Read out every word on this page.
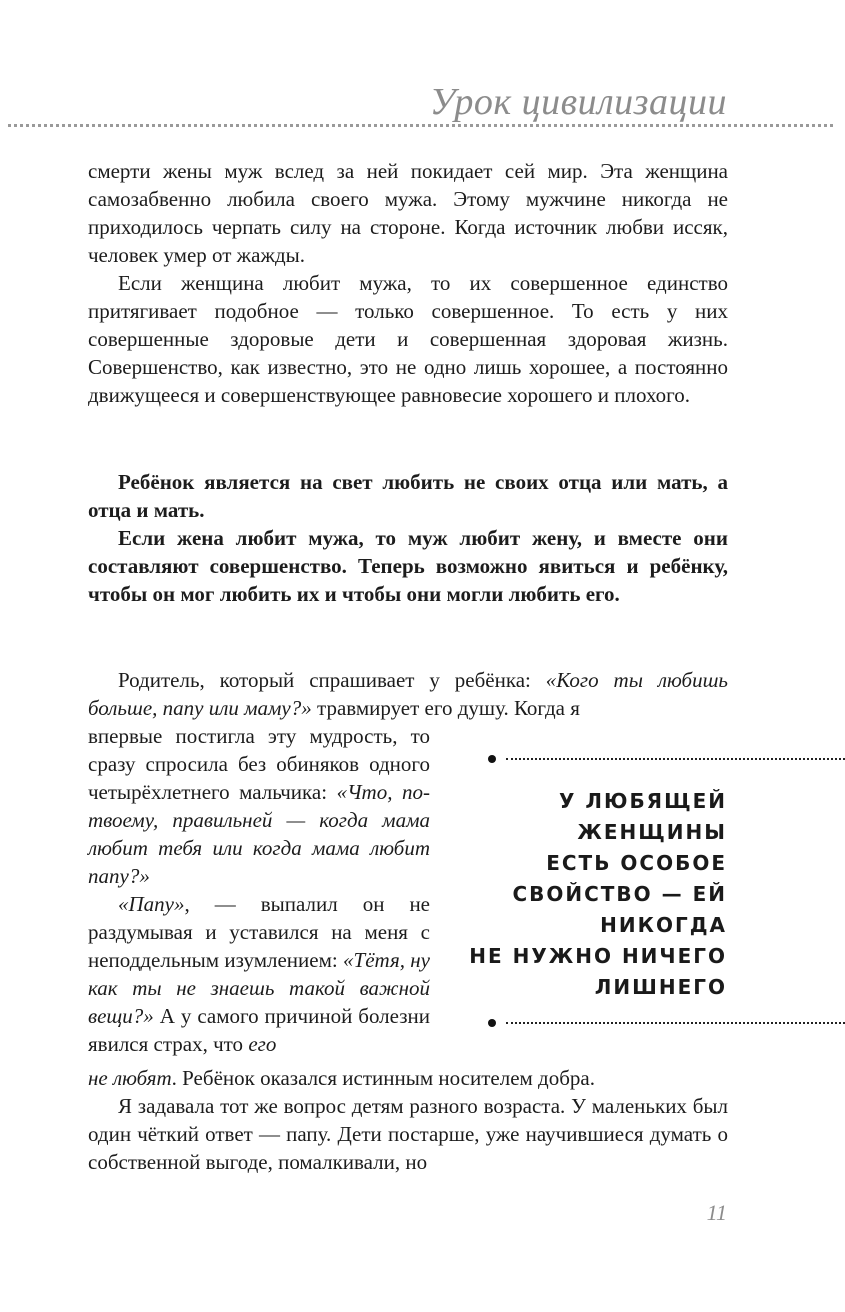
Урок цивилизации

смерти жены муж вслед за ней покидает сей мир. Эта женщина самозабвенно любила своего мужа. Этому мужчине никогда не приходилось черпать силу на стороне. Когда источник любви иссяк, человек умер от жажды.

Если женщина любит мужа, то их совершенное единство притягивает подобное — только совершенное. То есть у них совершенные здоровые дети и совершенная здоровая жизнь. Совершенство, как известно, это не одно лишь хорошее, а постоянно движущееся и совершенствующее равновесие хорошего и плохого.

Ребёнок является на свет любить не своих отца или мать, а отца и мать.

Если жена любит мужа, то муж любит жену, и вместе они составляют совершенство. Теперь возможно явиться и ребёнку, чтобы он мог любить их и чтобы они могли любить его.

Родитель, который спрашивает у ребёнка: «Кого ты любишь больше, папу или маму?» травмирует его душу. Когда я

впервые постигла эту мудрость, то сразу спросила без обиняков одного четырёхлетнего мальчика: «Что, по-твоему, правильней — когда мама любит тебя или когда мама любит папу?»

«Папу», — выпалил он не раздумывая и уставился на меня с неподдельным изумлением: «Тётя, ну как ты не знаешь такой важной вещи?» А у самого причиной болезни явился страх, что его

не любят. Ребёнок оказался истинным носителем добра.

Я задавала тот же вопрос детям разного возраста. У маленьких был один чёткий ответ — папу. Дети постарше, уже научившиеся думать о собственной выгоде, помалкивали, но

У ЛЮБЯЩЕЙ
ЖЕНЩИНЫ
ЕСТЬ ОСОБОЕ
СВОЙСТВО — ЕЙ
НИКОГДА
НЕ НУЖНО НИЧЕГО
ЛИШНЕГО
11
